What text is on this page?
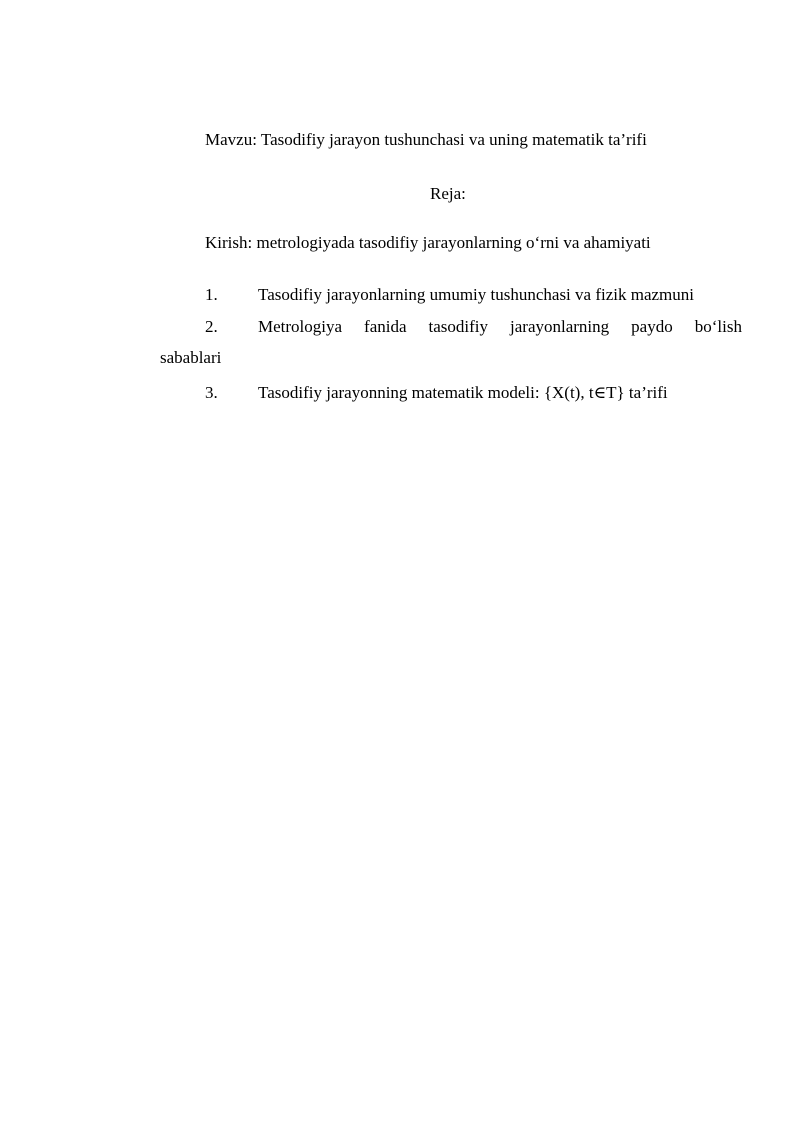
Mavzu: Tasodifiy jarayon tushunchasi va uning matematik ta’rifi
Reja:
Kirish: metrologiyada tasodifiy jarayonlarning o‘rni va ahamiyati
1. Tasodifiy jarayonlarning umumiy tushunchasi va fizik mazmuni
2. Metrologiya fanida tasodifiy jarayonlarning paydo bo‘lish
sabablari
3. Tasodifiy jarayonning matematik modeli: {X(t), t∈T} ta’rifi
